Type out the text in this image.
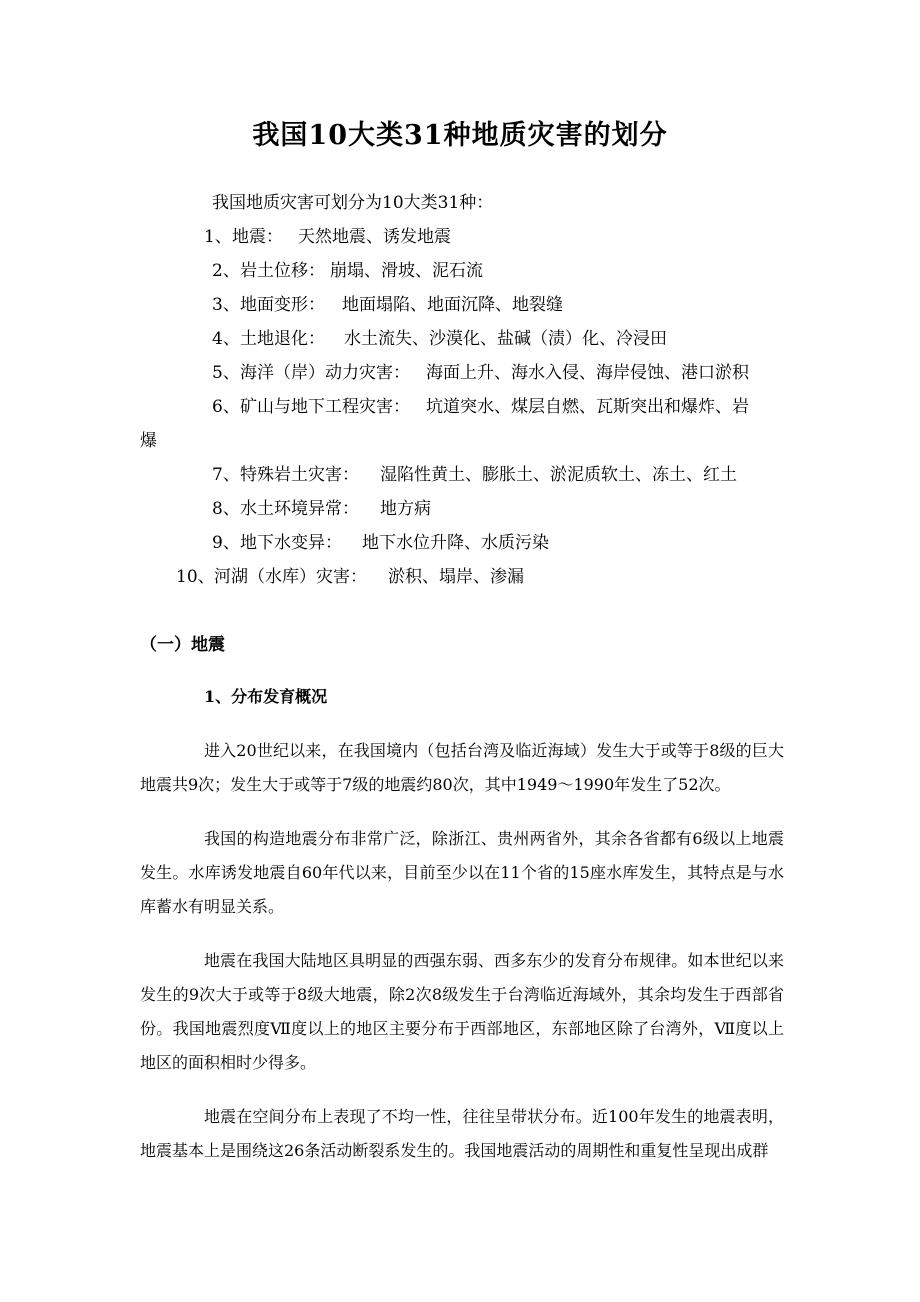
我国10大类31种地质灾害的划分
我国地质灾害可划分为10大类31种：
1、 地震： 天然地震、诱发地震
2、 岩土位移： 崩塌、滑坡、泥石流
3、 地面变形： 地面塌陷、地面沉降、地裂缝
4、 土地退化： 水土流失、沙漠化、盐碱（渍）化、冷浸田
5、 海洋（岸）动力灾害： 海面上升、海水入侵、海岸侵蚀、港口淤积
6、 矿山与地下工程灾害： 坑道突水、煤层自燃、瓦斯突出和爆炸、岩
爆
7、 特殊岩土灾害： 湿陷性黄土、膨胀土、淤泥质软土、冻土、红土
8、 水土环境异常： 地方病
9、 地下水变异： 地下水位升降、水质污染
10、 河湖（水库）灾害： 淤积、塌岸、渗漏
（一）地震
1、分布发育概况

进入20世纪以来，在我国境内（包括台湾及临近海域）发生大于或等于8级的巨大地震共9次；发生大于或等于7级的地震约80次，其中1949～1990年发生了52次。

我国的构造地震分布非常广泛，除浙江、贵州两省外，其余各省都有6级以上地震发生。水库诱发地震自60年代以来，目前至少以在11个省的15座水库发生，其特点是与水库蓄水有明显关系。

地震在我国大陆地区具明显的西强东弱、西多东少的发育分布规律。如本世纪以来发生的9次大于或等于8级大地震，除2次8级发生于台湾临近海域外，其余均发生于西部省份。我国地震烈度Ⅶ度以上的地区主要分布于西部地区，东部地区除了台湾外，Ⅶ度以上地区的面积相时少得多。

地震在空间分布上表现了不均一性，往往呈带状分布。近100年发生的地震表明，地震基本上是围绕这26条活动断裂系发生的。我国地震活动的周期性和重复性呈现出成群
